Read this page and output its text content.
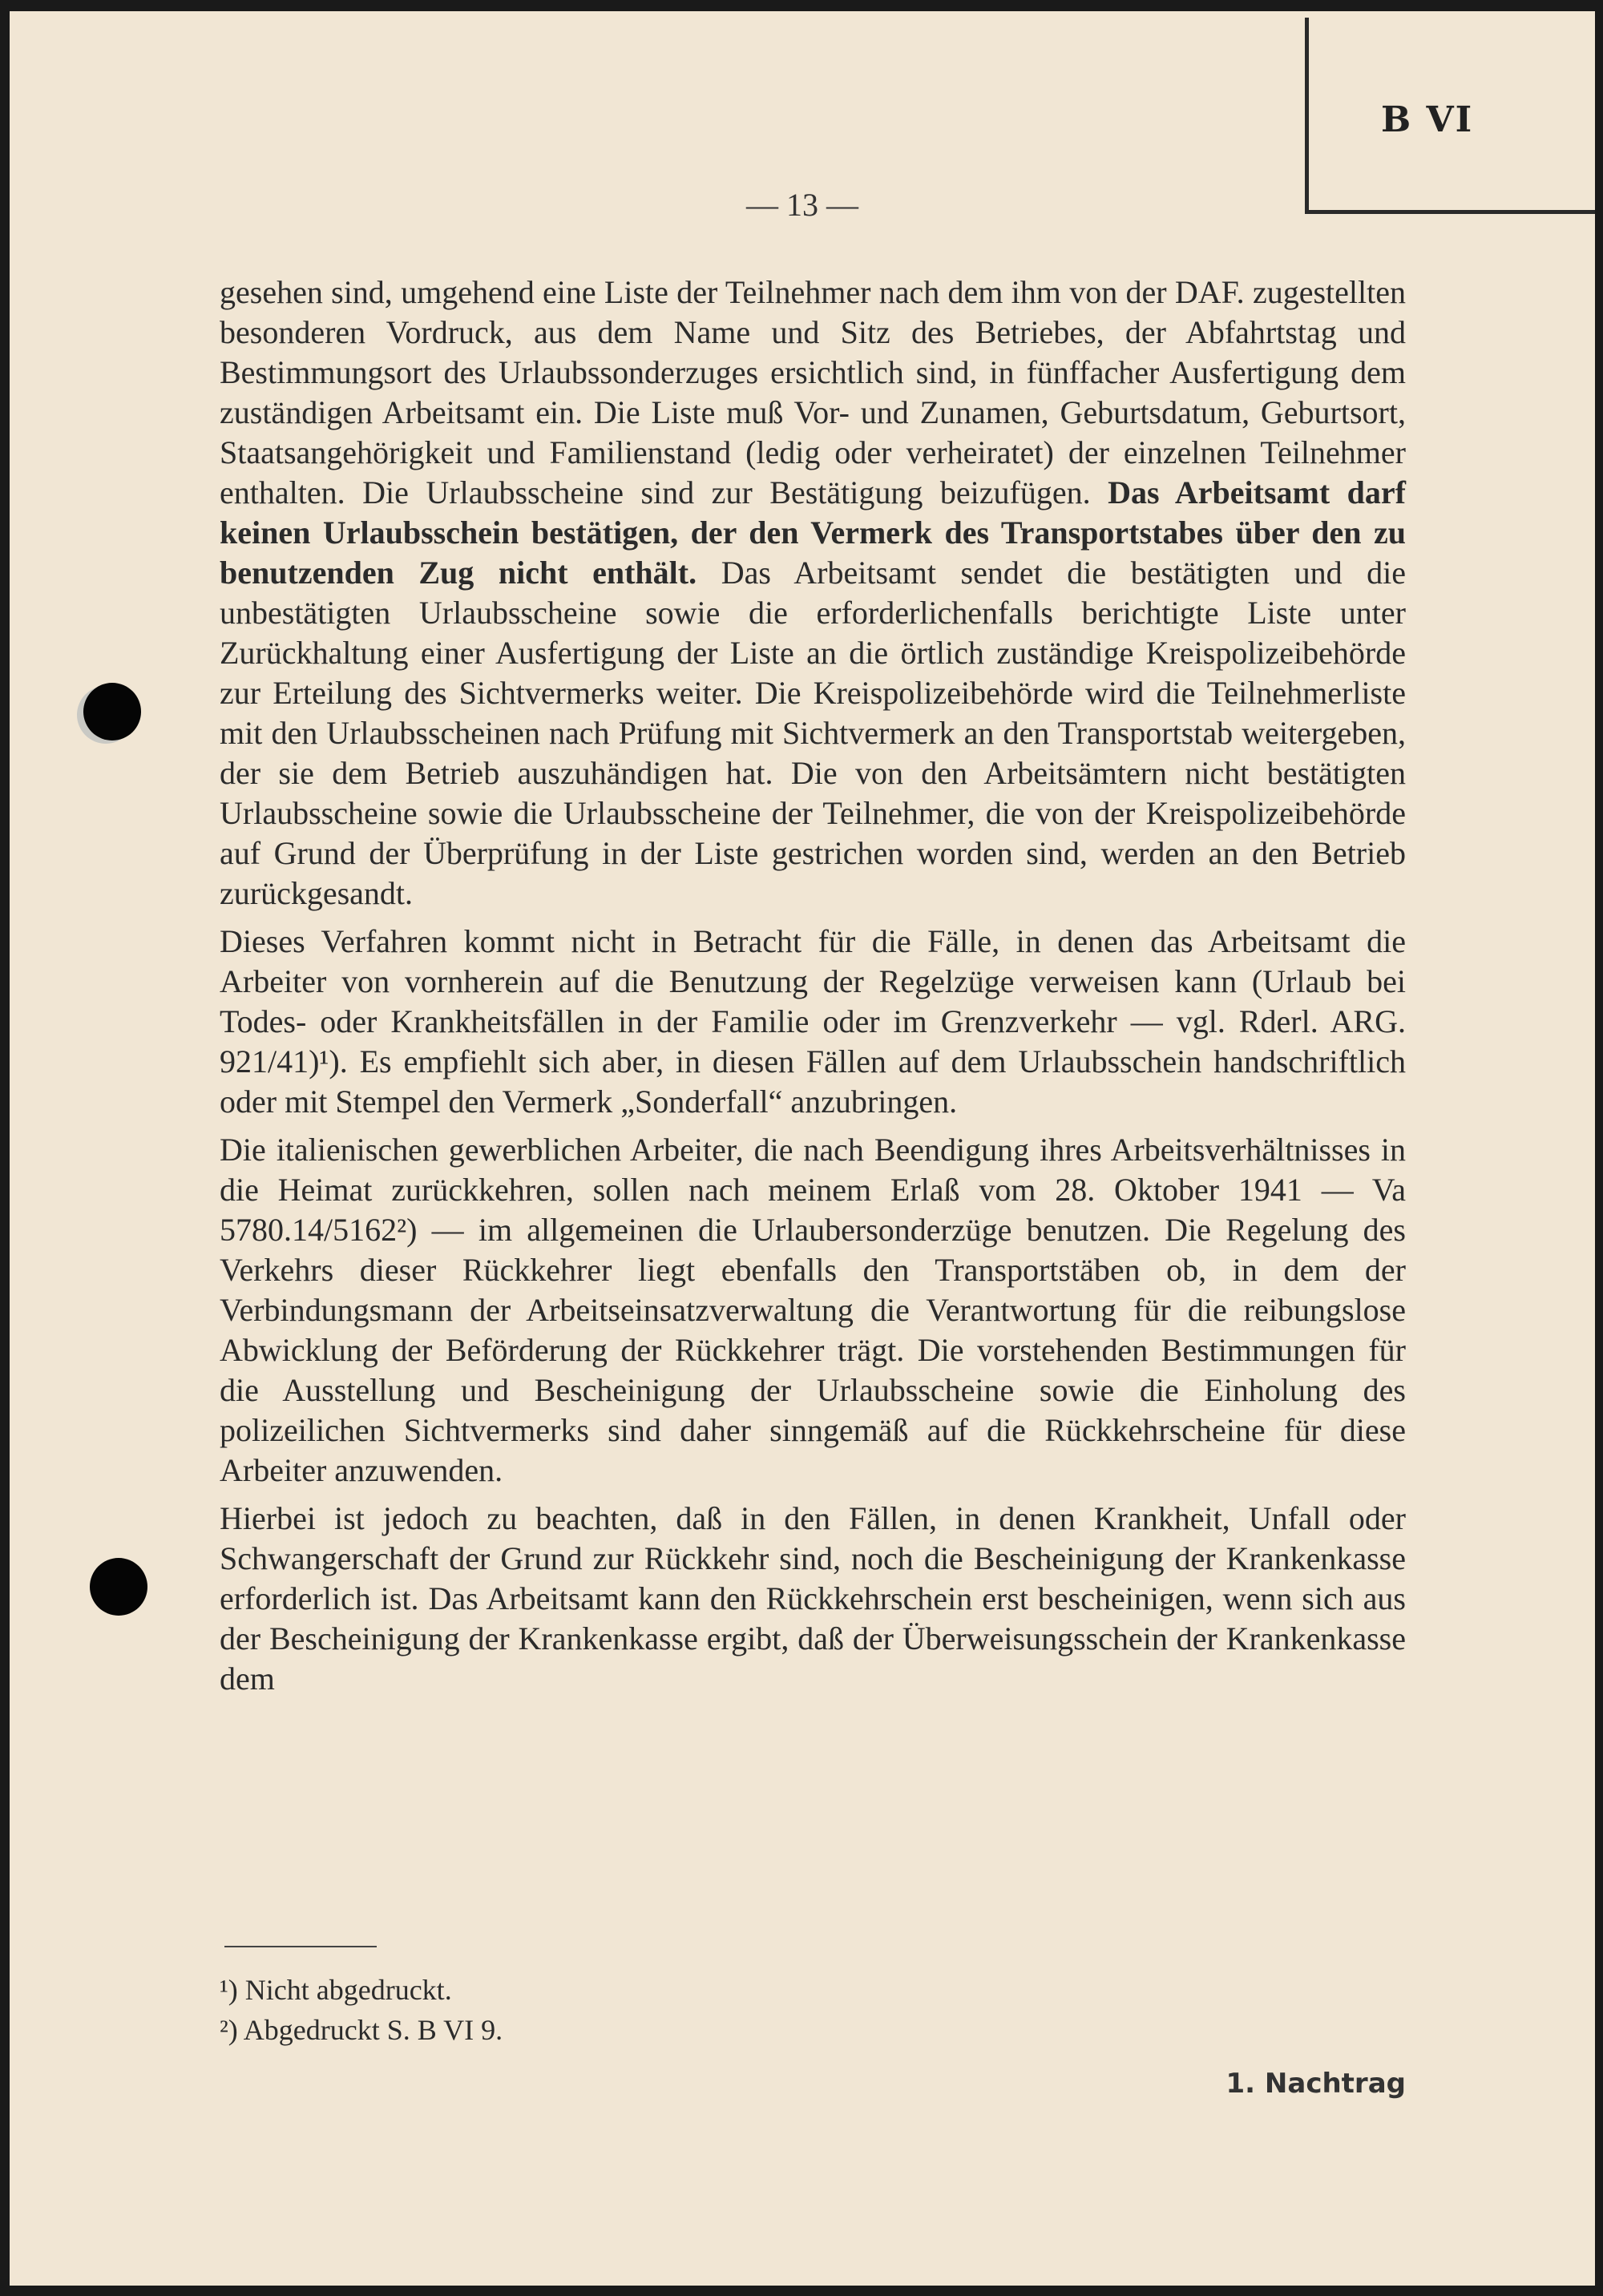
B VI
— 13 —

gesehen sind, umgehend eine Liste der Teilnehmer nach dem ihm von der DAF. zugestellten besonderen Vordruck, aus dem Name und Sitz des Betriebes, der Abfahrtstag und Bestimmungsort des Urlaubssonderzuges ersichtlich sind, in fünffacher Ausfertigung dem zuständigen Arbeitsamt ein. Die Liste muß Vor- und Zunamen, Geburtsdatum, Geburtsort, Staatsangehörigkeit und Familienstand (ledig oder verheiratet) der einzelnen Teilnehmer enthalten. Die Urlaubsscheine sind zur Bestätigung beizufügen. Das Arbeitsamt darf keinen Urlaubsschein bestätigen, der den Vermerk des Transportstabes über den zu benutzenden Zug nicht enthält. Das Arbeitsamt sendet die bestätigten und die unbestätigten Urlaubsscheine sowie die erforderlichenfalls berichtigte Liste unter Zurückhaltung einer Ausfertigung der Liste an die örtlich zuständige Kreispolizeibehörde zur Erteilung des Sichtvermerks weiter. Die Kreispolizeibehörde wird die Teilnehmerliste mit den Urlaubsscheinen nach Prüfung mit Sichtvermerk an den Transportstab weitergeben, der sie dem Betrieb auszuhändigen hat. Die von den Arbeitsämtern nicht bestätigten Urlaubsscheine sowie die Urlaubsscheine der Teilnehmer, die von der Kreispolizeibehörde auf Grund der Überprüfung in der Liste gestrichen worden sind, werden an den Betrieb zurückgesandt.

Dieses Verfahren kommt nicht in Betracht für die Fälle, in denen das Arbeitsamt die Arbeiter von vornherein auf die Benutzung der Regelzüge verweisen kann (Urlaub bei Todes- oder Krankheitsfällen in der Familie oder im Grenzverkehr — vgl. Rderl. ARG. 921/41)¹). Es empfiehlt sich aber, in diesen Fällen auf dem Urlaubsschein handschriftlich oder mit Stempel den Vermerk „Sonderfall“ anzubringen.

Die italienischen gewerblichen Arbeiter, die nach Beendigung ihres Arbeitsverhältnisses in die Heimat zurückkehren, sollen nach meinem Erlaß vom 28. Oktober 1941 — Va 5780.14/5162²) — im allgemeinen die Urlaubersonderzüge benutzen. Die Regelung des Verkehrs dieser Rückkehrer liegt ebenfalls den Transportstäben ob, in dem der Verbindungsmann der Arbeitseinsatzverwaltung die Verantwortung für die reibungslose Abwicklung der Beförderung der Rückkehrer trägt. Die vorstehenden Bestimmungen für die Ausstellung und Bescheinigung der Urlaubsscheine sowie die Einholung des polizeilichen Sichtvermerks sind daher sinngemäß auf die Rückkehrscheine für diese Arbeiter anzuwenden.

Hierbei ist jedoch zu beachten, daß in den Fällen, in denen Krankheit, Unfall oder Schwangerschaft der Grund zur Rückkehr sind, noch die Bescheinigung der Krankenkasse erforderlich ist. Das Arbeitsamt kann den Rückkehrschein erst bescheinigen, wenn sich aus der Bescheinigung der Krankenkasse ergibt, daß der Überweisungsschein der Krankenkasse dem

¹) Nicht abgedruckt.
²) Abgedruckt S. B VI 9.
1. Nachtrag
